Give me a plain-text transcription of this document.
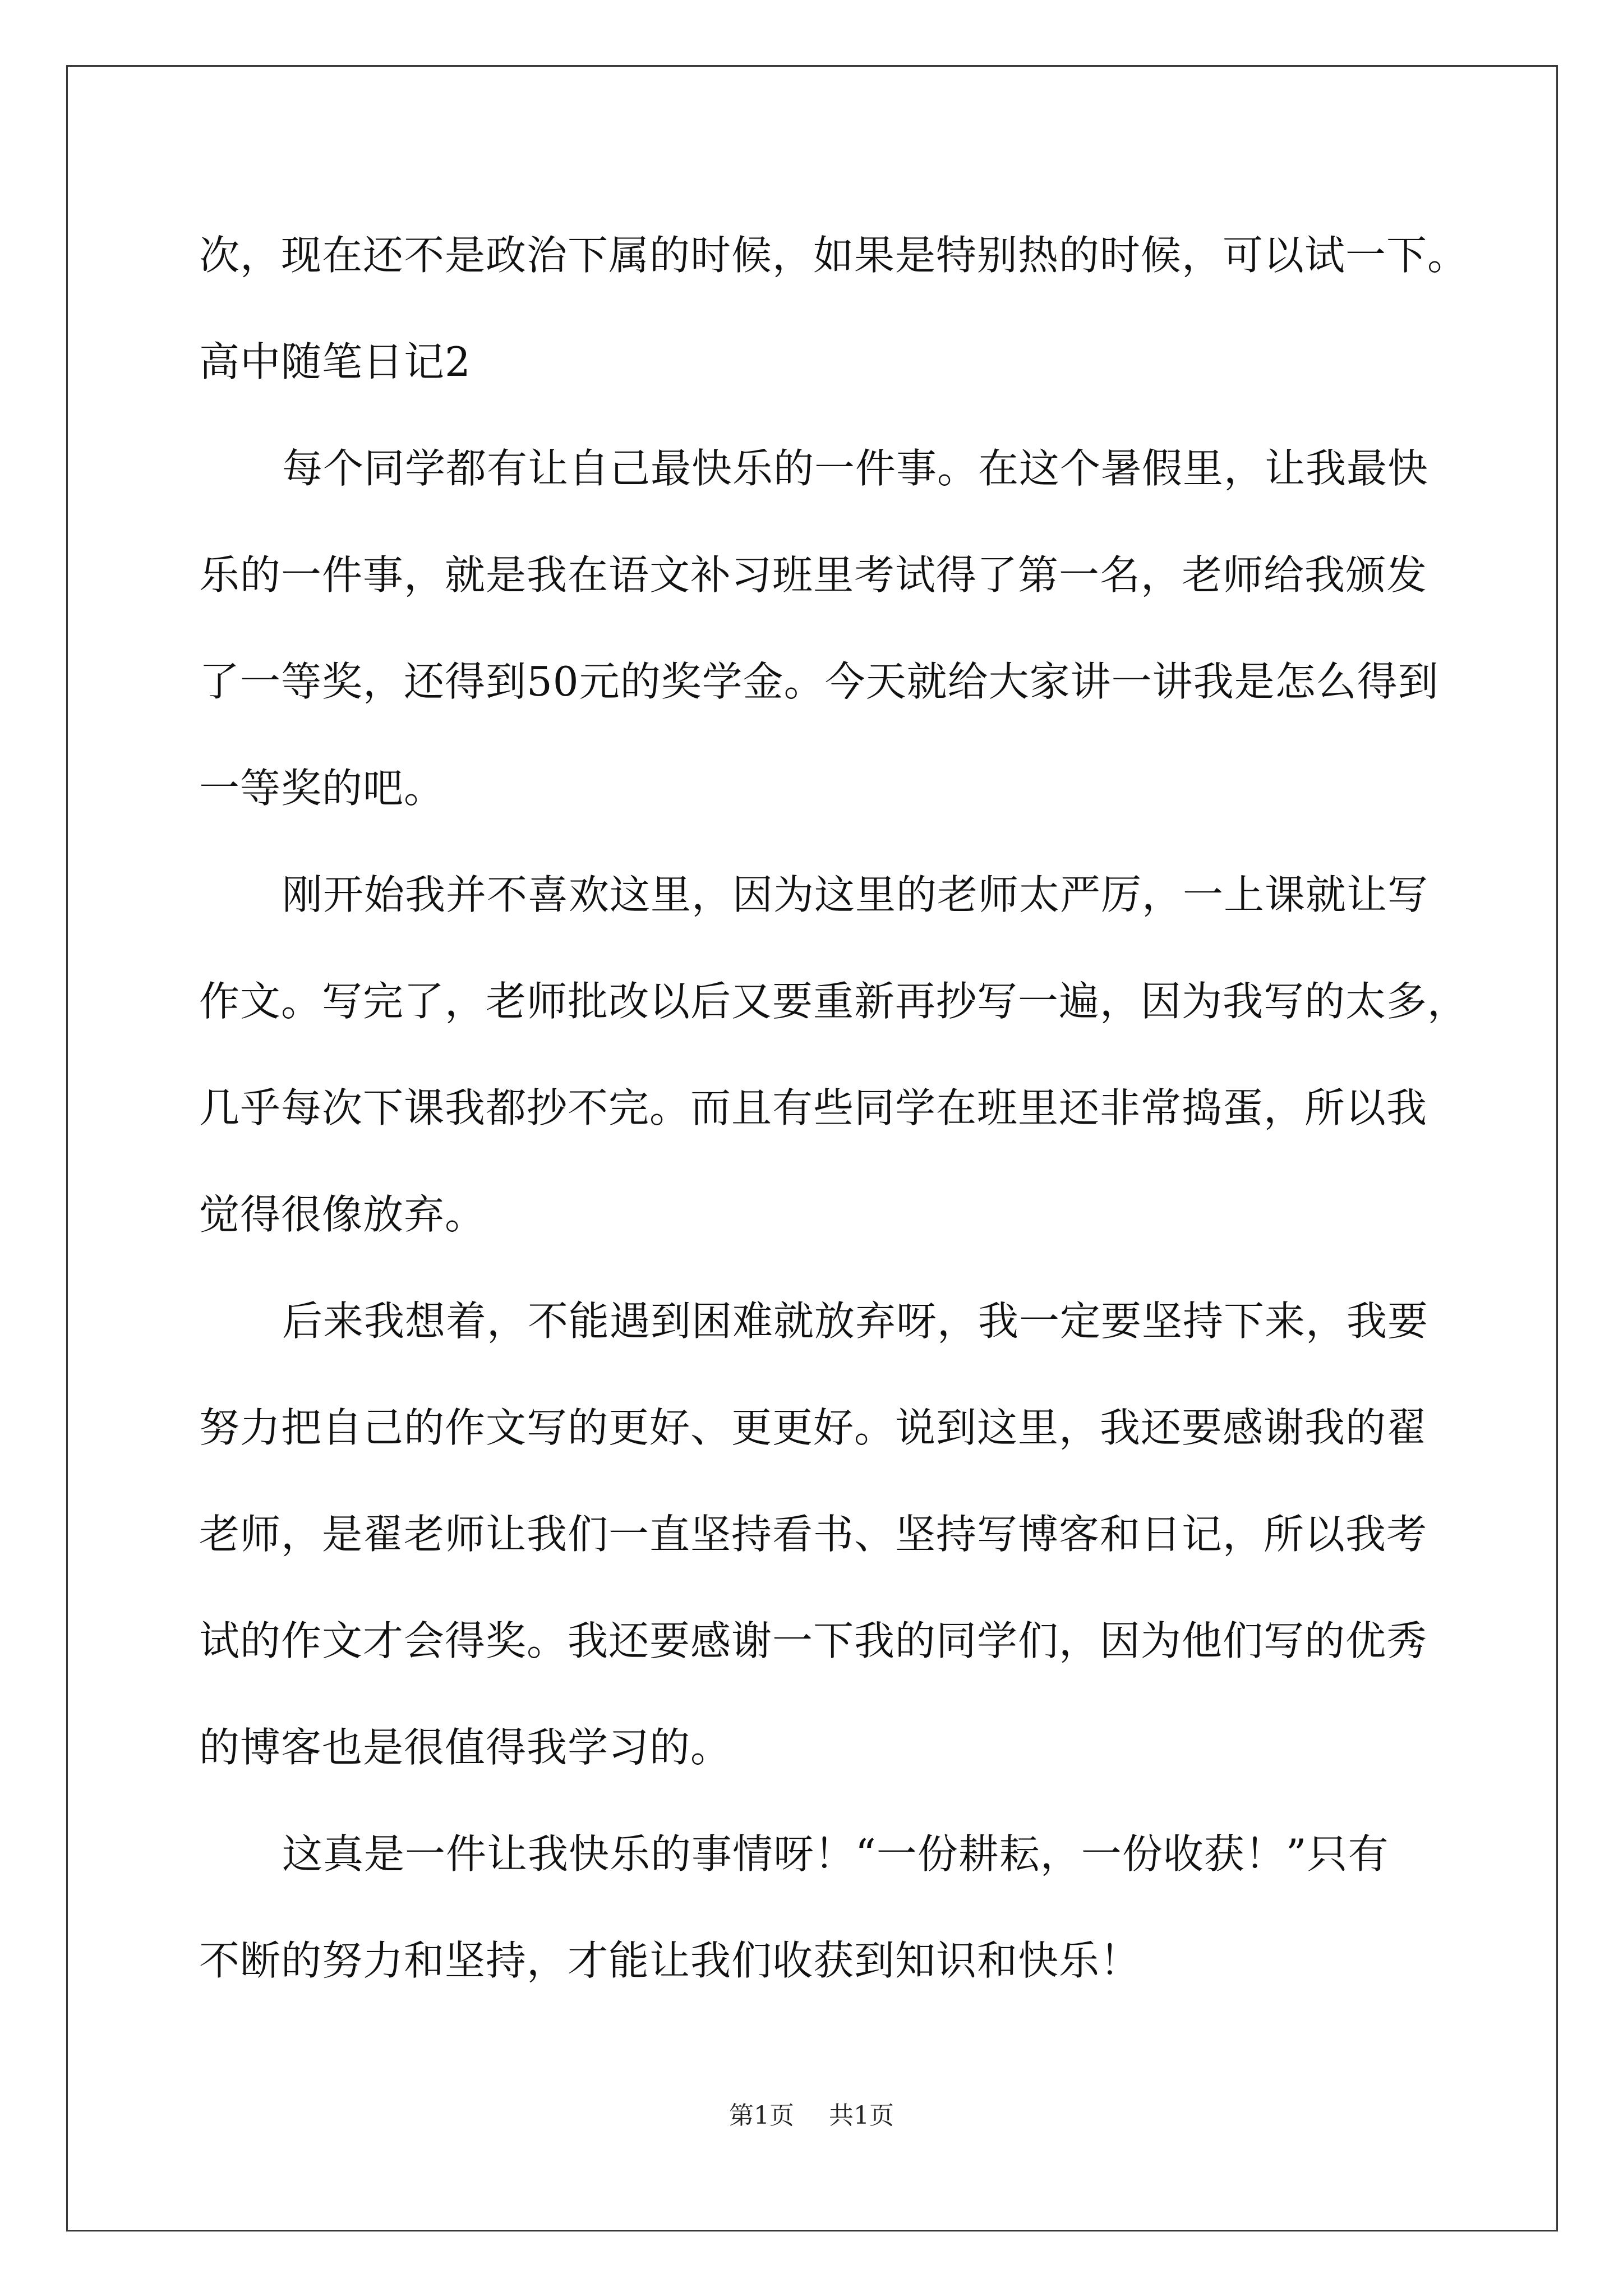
次，现在还不是政治下属的时候，如果是特别热的时候，可以试一下。
高中随笔日记2
每个同学都有让自己最快乐的一件事。在这个暑假里，让我最快
乐的一件事，就是我在语文补习班里考试得了第一名，老师给我颁发
了一等奖，还得到50元的奖学金。今天就给大家讲一讲我是怎么得到
一等奖的吧。
刚开始我并不喜欢这里，因为这里的老师太严厉，一上课就让写
作文。写完了，老师批改以后又要重新再抄写一遍，因为我写的太多，
几乎每次下课我都抄不完。而且有些同学在班里还非常捣蛋，所以我
觉得很像放弃。
后来我想着，不能遇到困难就放弃呀，我一定要坚持下来，我要
努力把自己的作文写的更好、更更好。说到这里，我还要感谢我的翟
老师，是翟老师让我们一直坚持看书、坚持写博客和日记，所以我考
试的作文才会得奖。我还要感谢一下我的同学们，因为他们写的优秀
的博客也是很值得我学习的。
这真是一件让我快乐的事情呀！“一份耕耘，一份收获！”只有
不断的努力和坚持，才能让我们收获到知识和快乐！
第1页 共1页
